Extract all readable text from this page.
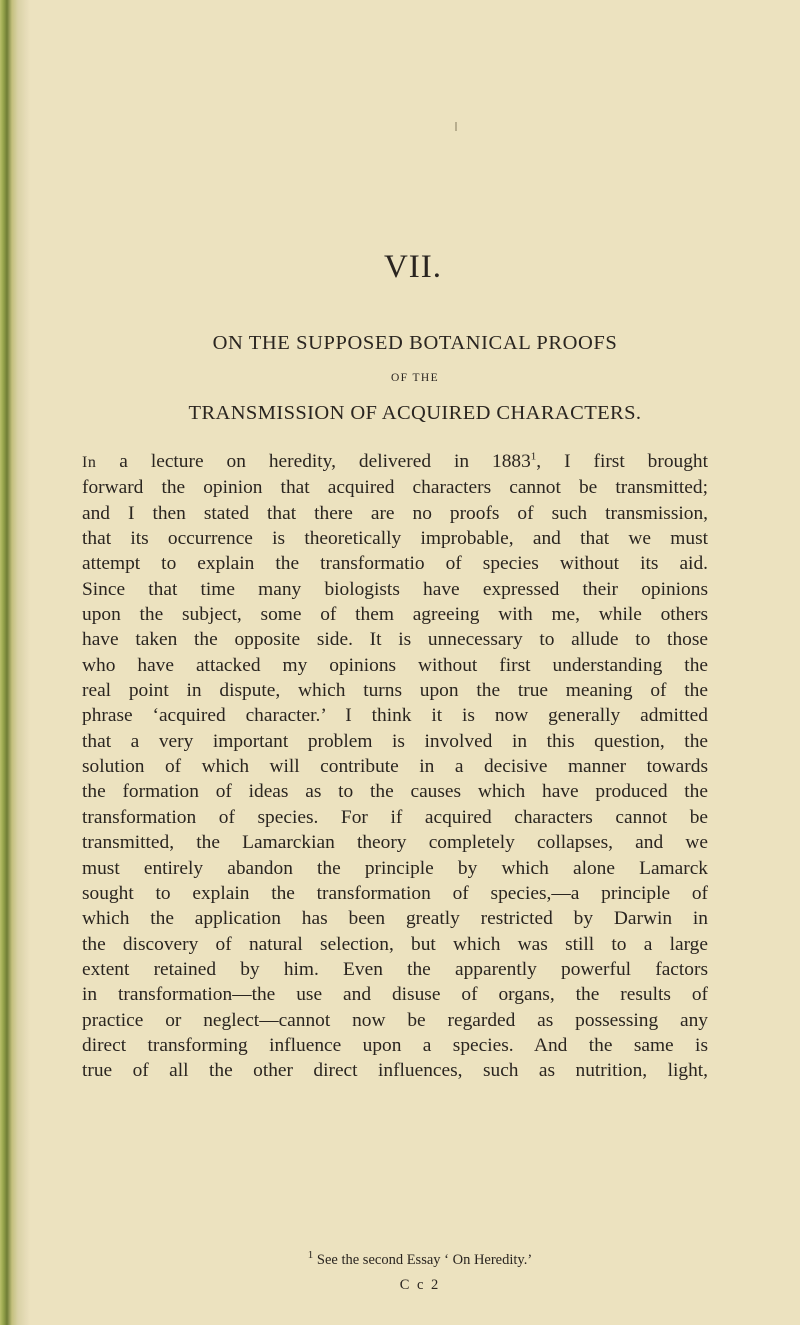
VII.
ON THE SUPPOSED BOTANICAL PROOFS
OF THE
TRANSMISSION OF ACQUIRED CHARACTERS.
In a lecture on heredity, delivered in 1883$^1$, I first brought
forward the opinion that acquired characters cannot be transmitted;
and I then stated that there are no proofs of such transmission,
that its occurrence is theoretically improbable, and that we must
attempt to explain the transformatio of species without its aid.
Since that time many biologists have expressed their opinions
upon the subject, some of them agreeing with me, while others
have taken the opposite side. It is unnecessary to allude to those
who have attacked my opinions without first understanding the
real point in dispute, which turns upon the true meaning of the
phrase ‘acquired character.’ I think it is now generally admitted
that a very important problem is involved in this question, the
solution of which will contribute in a decisive manner towards
the formation of ideas as to the causes which have produced the
transformation of species. For if acquired characters cannot be
transmitted, the Lamarckian theory completely collapses, and we
must entirely abandon the principle by which alone Lamarck
sought to explain the transformation of species,—a principle of
which the application has been greatly restricted by Darwin in
the discovery of natural selection, but which was still to a large
extent retained by him. Even the apparently powerful factors
in transformation—the use and disuse of organs, the results of
practice or neglect—cannot now be regarded as possessing any
direct transforming influence upon a species. And the same is
true of all the other direct influences, such as nutrition, light,
$^1$ See the second Essay ‘ On Heredity.’
C c 2
